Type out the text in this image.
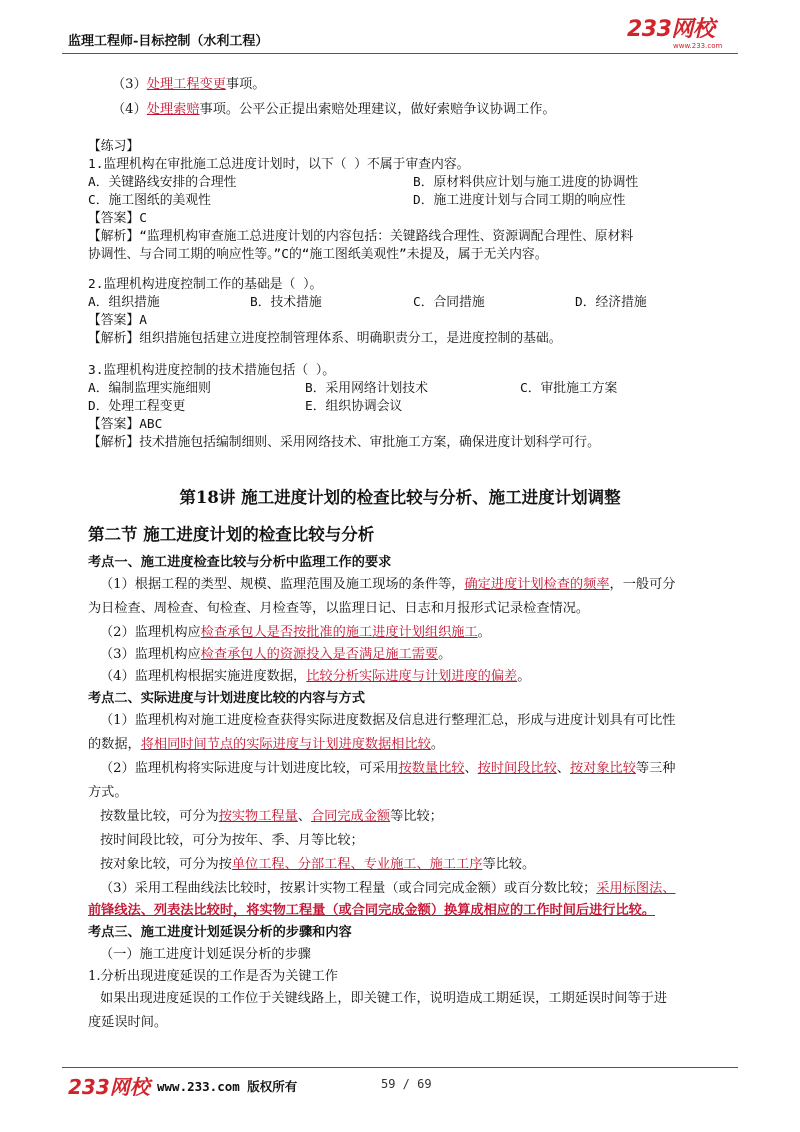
监理工程师-目标控制（水利工程）	233网校
www.233.com
（3）处理工程变更事项。
（4）处理索赔事项。公平公正提出索赔处理建议，做好索赔争议协调工作。
【练习】
1.监理机构在审批施工总进度计划时，以下（ ）不属于审查内容。
A．关键路线安排的合理性	B．原材料供应计划与施工进度的协调性
C．施工图纸的美观性	D．施工进度计划与合同工期的响应性
【答案】C
【解析】“监理机构审查施工总进度计划的内容包括：关键路线合理性、资源调配合理性、原材料
协调性、与合同工期的响应性等。”C的“施工图纸美观性”未提及，属于无关内容。
2.监理机构进度控制工作的基础是（ ）。
A．组织措施	B．技术措施	C．合同措施	D．经济措施
【答案】A
【解析】组织措施包括建立进度控制管理体系、明确职责分工，是进度控制的基础。
3.监理机构进度控制的技术措施包括（ ）。
A．编制监理实施细则	B．采用网络计划技术	C．审批施工方案
D．处理工程变更	E．组织协调会议
【答案】ABC
【解析】技术措施包括编制细则、采用网络技术、审批施工方案，确保进度计划科学可行。
第18讲 施工进度计划的检查比较与分析、施工进度计划调整
第二节 施工进度计划的检查比较与分析
考点一、施工进度检查比较与分析中监理工作的要求
（1）根据工程的类型、规模、监理范围及施工现场的条件等，确定进度计划检查的频率，一般可分
为日检查、周检查、旬检查、月检查等，以监理日记、日志和月报形式记录检查情况。
（2）监理机构应检查承包人是否按批准的施工进度计划组织施工。
（3）监理机构应检查承包人的资源投入是否满足施工需要。
（4）监理机构根据实施进度数据，比较分析实际进度与计划进度的偏差。
考点二、实际进度与计划进度比较的内容与方式
（1）监理机构对施工进度检查获得实际进度数据及信息进行整理汇总，形成与进度计划具有可比性
的数据，将相同时间节点的实际进度与计划进度数据相比较。
（2）监理机构将实际进度与计划进度比较，可采用按数量比较、按时间段比较、按对象比较等三种
方式。
按数量比较，可分为按实物工程量、合同完成金额等比较；
按时间段比较，可分为按年、季、月等比较；
按对象比较，可分为按单位工程、分部工程、专业施工、施工工序等比较。
（3）采用工程曲线法比较时，按累计实物工程量（或合同完成金额）或百分数比较；采用标图法、
前锋线法、列表法比较时，将实物工程量（或合同完成金额）换算成相应的工作时间后进行比较。
考点三、施工进度计划延误分析的步骤和内容
（一）施工进度计划延误分析的步骤
1.分析出现进度延误的工作是否为关键工作
如果出现进度延误的工作位于关键线路上，即关键工作，说明造成工期延误，工期延误时间等于进
度延误时间。
233网校 www.233.com 版权所有	59 / 69
